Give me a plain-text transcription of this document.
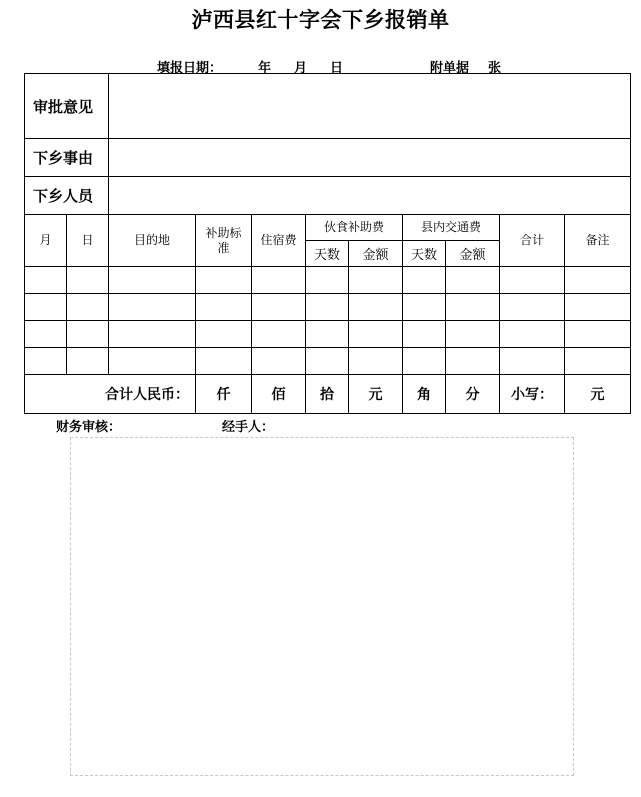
泸西县红十字会下乡报销单
填报日期：	年 月 日	附单据 张
审批意见										
下乡事由										
下乡人员										
月	日	目的地	补助标准	住宿费	伙食补助费		县内交通费		合计	备注
					天数	金额	天数	金额		

合计人民币：			仟	佰	拾	元	角	分	小写：	元
财务审核：	经手人：
